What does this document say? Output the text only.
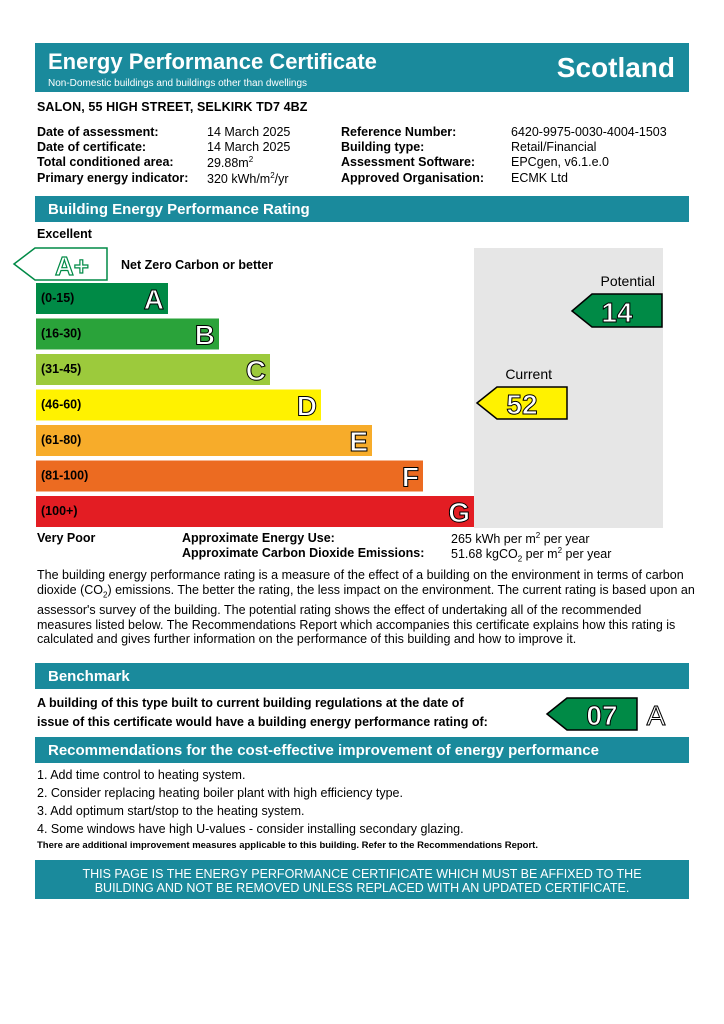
Energy Performance Certificate
Non-Domestic buildings and buildings other than dwellings
Scotland
SALON, 55 HIGH STREET, SELKIRK TD7 4BZ
Date of assessment:	14 March 2025
Date of certificate:	14 March 2025
Total conditioned area:	$29.88m^2$
Primary energy indicator: 320 kWh/$m^2/yr$
Reference Number:	6420-9975-0030-4004-1503
Building type:	Retail/Financial
Assessment Software:	EPCgen, v6.1.e.0
Approved Organisation: ECMK Ltd
Building Energy Performance Rating
Excellent
A+	Net Zero Carbon or better
(0-15) A
(16-30)	B
(31-45)	C
(46-60)	D
(61-80)	E
(81-100)	F
(100+)	G
Potential
14
Current
52
Very Poor	Approximate Energy Use:	265 kWh per $m^2$ per year
Approximate Carbon Dioxide Emissions: 51.68 kgCO$_2$ per $m^2$ per year
The building energy performance rating is a measure of the effect of a building on the environment in terms of carbon dioxide $(CO_2)$ emissions. The better the rating, the less impact on the environment. The current rating is based upon an assessor's survey of the building. The potential rating shows the effect of undertaking all of the recommended measures listed below. The Recommendations Report which accompanies this certificate explains how this rating is calculated and gives further information on the performance of this building and how to improve it.
Benchmark
A building of this type built to current building regulations at the date of
issue of this certificate would have a building energy performance rating of:	07 A
Recommendations for the cost-effective improvement of energy performance
1. Add time control to heating system.
2. Consider replacing heating boiler plant with high efficiency type.
3. Add optimum start/stop to the heating system.
4. Some windows have high U-values - consider installing secondary glazing.
There are additional improvement measures applicable to this building. Refer to the Recommendations Report.
THIS PAGE IS THE ENERGY PERFORMANCE CERTIFICATE WHICH MUST BE AFFIXED TO THE
BUILDING AND NOT BE REMOVED UNLESS REPLACED WITH AN UPDATED CERTIFICATE.
